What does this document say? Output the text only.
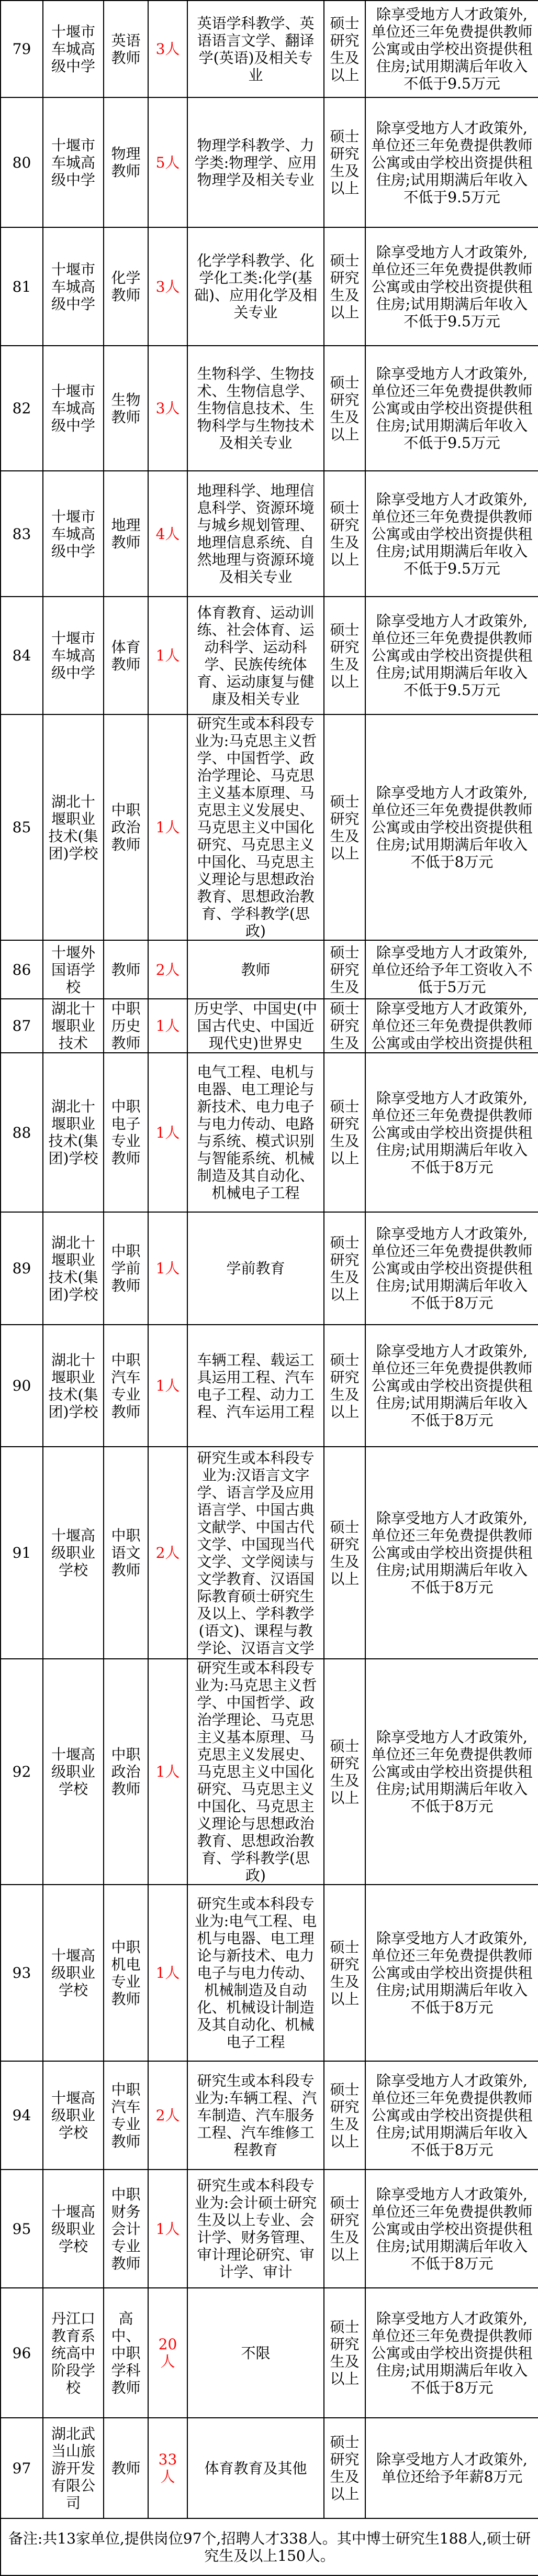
79	十堰市车城高级中学	英语教师	3人	英语学科教学、英语语言文学、翻译学(英语)及相关专业	硕士研究生及以上	除享受地方人才政策外,单位还三年免费提供教师公寓或由学校出资提供租住房;试用期满后年收入不低于9.5万元
80	十堰市车城高级中学	物理教师	5人	物理学科教学、力学类:物理学、应用物理学及相关专业	硕士研究生及以上	除享受地方人才政策外,单位还三年免费提供教师公寓或由学校出资提供租住房;试用期满后年收入不低于9.5万元
81	十堰市车城高级中学	化学教师	3人	化学学科教学、化学化工类:化学(基础)、应用化学及相关专业	硕士研究生及以上	除享受地方人才政策外,单位还三年免费提供教师公寓或由学校出资提供租住房;试用期满后年收入不低于9.5万元
82	十堰市车城高级中学	生物教师	3人	生物科学、生物技术、生物信息学、生物信息技术、生物科学与生物技术及相关专业	硕士研究生及以上	除享受地方人才政策外,单位还三年免费提供教师公寓或由学校出资提供租住房;试用期满后年收入不低于9.5万元
83	十堰市车城高级中学	地理教师	4人	地理科学、地理信息科学、资源环境与城乡规划管理、地理信息系统、自然地理与资源环境及相关专业	硕士研究生及以上	除享受地方人才政策外,单位还三年免费提供教师公寓或由学校出资提供租住房;试用期满后年收入不低于9.5万元
84	十堰市车城高级中学	体育教师	1人	体育教育、运动训练、社会体育、运动科学、运动科学、民族传统体育、运动康复与健康及相关专业	硕士研究生及以上	除享受地方人才政策外,单位还三年免费提供教师公寓或由学校出资提供租住房;试用期满后年收入不低于9.5万元
85	湖北十堰职业技术(集团)学校	中职政治教师	1人	研究生或本科段专业为:马克思主义哲学、中国哲学、政治学理论、马克思主义基本原理、马克思主义发展史、马克思主义中国化研究、马克思主义中国化、马克思主义理论与思想政治教育、思想政治教育、学科教学(思政)	硕士研究生及以上	除享受地方人才政策外,单位还三年免费提供教师公寓或由学校出资提供租住房;试用期满后年收入不低于8万元
86	十堰外国语学校	教师	2人	教师	硕士研究生及	除享受地方人才政策外,单位还给予年工资收入不低于5万元
87	湖北十堰职业技术	中职历史教师	1人	历史学、中国史(中国古代史、中国近现代史)世界史	硕士研究生及	除享受地方人才政策外,单位还三年免费提供教师公寓或由学校出资提供租
88	湖北十堰职业技术(集团)学校	中职电子专业教师	1人	电气工程、电机与电器、电工理论与新技术、电力电子与电力传动、电路与系统、模式识别与智能系统、机械制造及其自动化、机械电子工程	硕士研究生及以上	除享受地方人才政策外,单位还三年免费提供教师公寓或由学校出资提供租住房;试用期满后年收入不低于8万元
89	湖北十堰职业技术(集团)学校	中职学前教师	1人	学前教育	硕士研究生及以上	除享受地方人才政策外,单位还三年免费提供教师公寓或由学校出资提供租住房;试用期满后年收入不低于8万元
90	湖北十堰职业技术(集团)学校	中职汽车专业教师	1人	车辆工程、载运工具运用工程、汽车电子工程、动力工程、汽车运用工程	硕士研究生及以上	除享受地方人才政策外,单位还三年免费提供教师公寓或由学校出资提供租住房;试用期满后年收入不低于8万元
91	十堰高级职业学校	中职语文教师	2人	研究生或本科段专业为:汉语言文字学、语言学及应用语言学、中国古典文献学、中国古代文学、中国现当代文学、文学阅读与文学教育、汉语国际教育硕士研究生及以上、学科教学(语文)、课程与教学论、汉语言文学	硕士研究生及以上	除享受地方人才政策外,单位还三年免费提供教师公寓或由学校出资提供租住房;试用期满后年收入不低于8万元
92	十堰高级职业学校	中职政治教师	1人	研究生或本科段专业为:马克思主义哲学、中国哲学、政治学理论、马克思主义基本原理、马克思主义发展史、马克思主义中国化研究、马克思主义中国化、马克思主义理论与思想政治教育、思想政治教育、学科教学(思政)	硕士研究生及以上	除享受地方人才政策外,单位还三年免费提供教师公寓或由学校出资提供租住房;试用期满后年收入不低于8万元
93	十堰高级职业学校	中职机电专业教师	1人	研究生或本科段专业为:电气工程、电机与电器、电工理论与新技术、电力电子与电力传动、机械制造及自动化、机械设计制造及其自动化、机械电子工程	硕士研究生及以上	除享受地方人才政策外,单位还三年免费提供教师公寓或由学校出资提供租住房;试用期满后年收入不低于8万元
94	十堰高级职业学校	中职汽车专业教师	2人	研究生或本科段专业为:车辆工程、汽车制造、汽车服务工程、汽车维修工程教育	硕士研究生及以上	除享受地方人才政策外,单位还三年免费提供教师公寓或由学校出资提供租住房;试用期满后年收入不低于8万元
95	十堰高级职业学校	中职财务会计专业教师	1人	研究生或本科段专业为:会计硕士研究生及以上专业、会计学、财务管理、审计理论研究、审计学、审计	硕士研究生及以上	除享受地方人才政策外,单位还三年免费提供教师公寓或由学校出资提供租住房;试用期满后年收入不低于8万元
96	丹江口教育系统高中阶段学校	高中、中职学科教师	20人	不限	硕士研究生及以上	除享受地方人才政策外,单位还三年免费提供教师公寓或由学校出资提供租住房;试用期满后年收入不低于8万元
97	湖北武当山旅游开发有限公司	教师	33人	体育教育及其他	硕士研究生及以上	除享受地方人才政策外,单位还给予年薪8万元
备注:共13家单位,提供岗位97个,招聘人才338人。其中博士研究生188人,硕士研究生及以上150人。						
